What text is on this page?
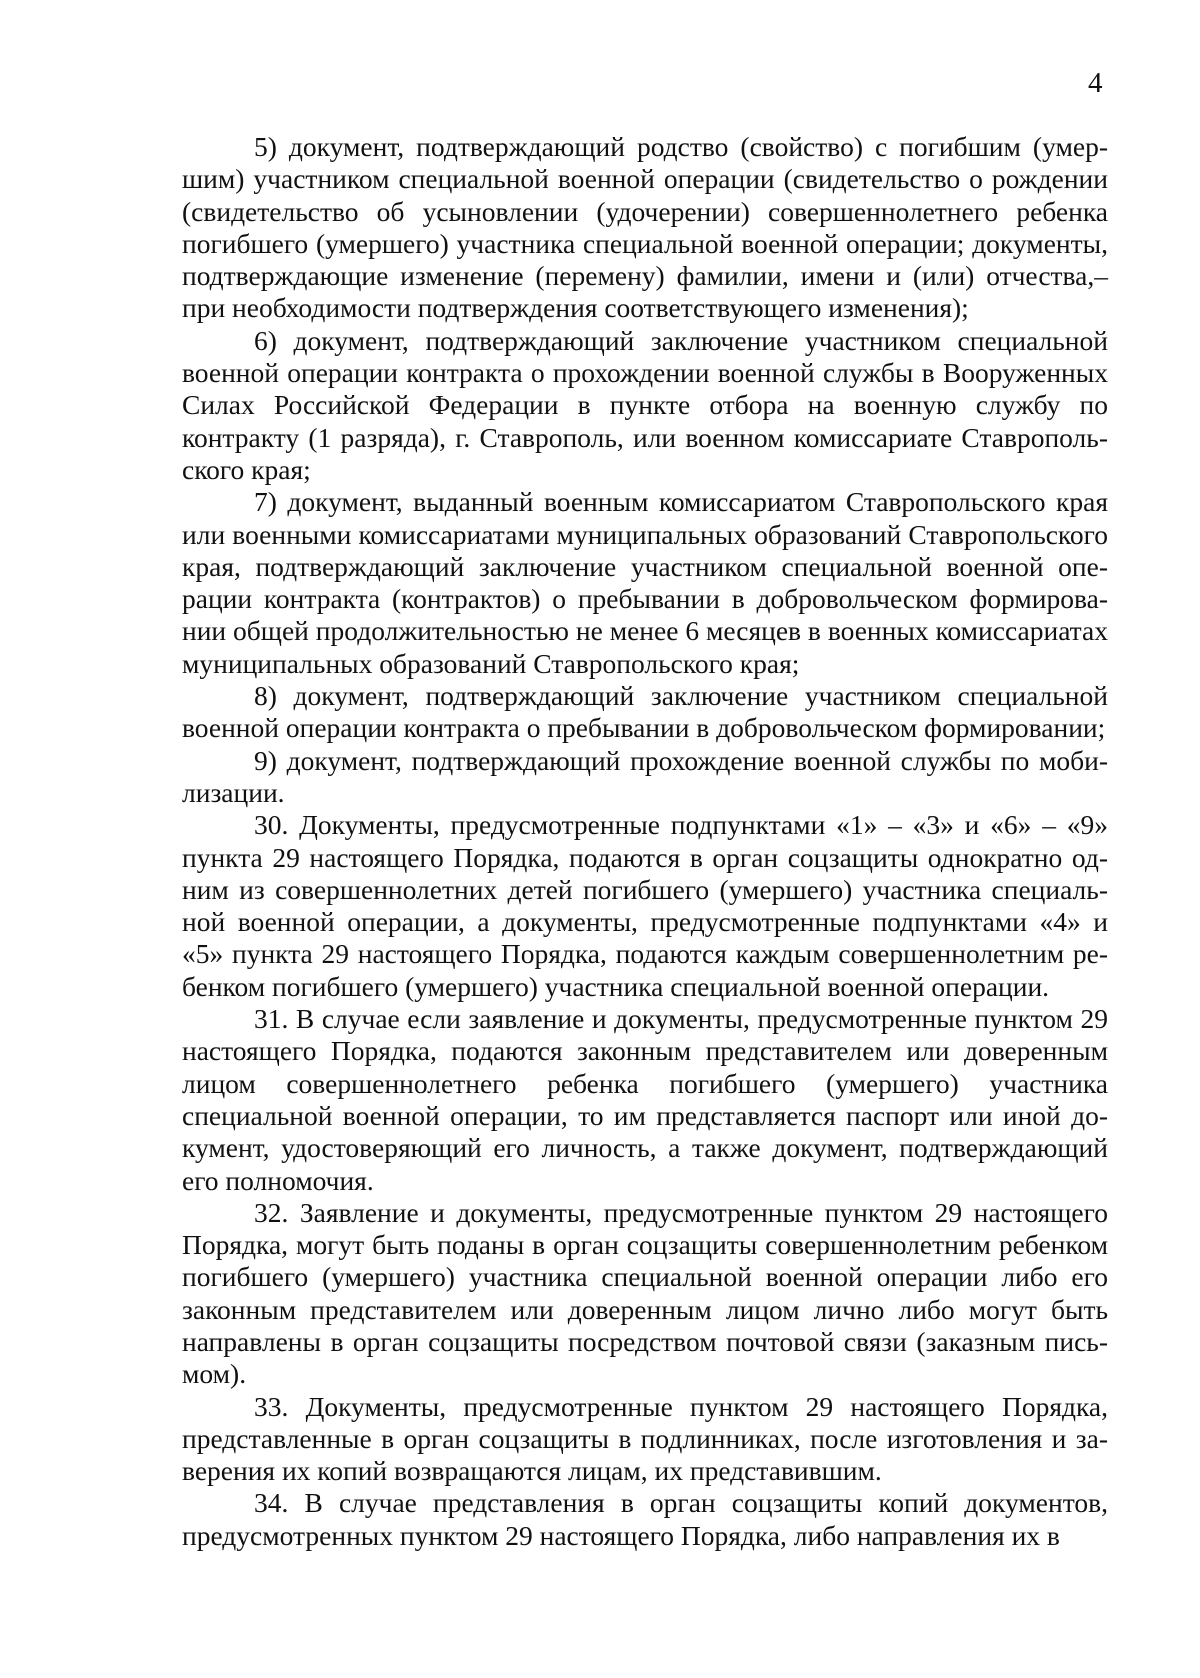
4

5) документ, подтверждающий родство (свойство) с погибшим (умершим) участником специальной военной операции (свидетельство о рождении (свидетельство об усыновлении (удочерении) совершеннолетнего ребенка погибшего (умершего) участника специальной военной операции; документы, подтверждающие изменение (перемену) фамилии, имени и (или) отчества,– при необходимости подтверждения соответствующего изменения);

6) документ, подтверждающий заключение участником специальной военной операции контракта о прохождении военной службы в Вооруженных Силах Российской Федерации в пункте отбора на военную службу по контракту (1 разряда), г. Ставрополь, или военном комиссариате Ставропольского края;

7) документ, выданный военным комиссариатом Ставропольского края или военными комиссариатами муниципальных образований Ставропольского края, подтверждающий заключение участником специальной военной операции контракта (контрактов) о пребывании в добровольческом формировании общей продолжительностью не менее 6 месяцев в военных комиссариатах муниципальных образований Ставропольского края;

8) документ, подтверждающий заключение участником специальной военной операции контракта о пребывании в добровольческом формировании;

9) документ, подтверждающий прохождение военной службы по мобилизации.

30. Документы, предусмотренные подпунктами «1» – «3» и «6» – «9» пункта 29 настоящего Порядка, подаются в орган соцзащиты однократно одним из совершеннолетних детей погибшего (умершего) участника специальной военной операции, а документы, предусмотренные подпунктами «4» и «5» пункта 29 настоящего Порядка, подаются каждым совершеннолетним ребенком погибшего (умершего) участника специальной военной операции.

31. В случае если заявление и документы, предусмотренные пунктом 29 настоящего Порядка, подаются законным представителем или доверенным лицом совершеннолетнего ребенка погибшего (умершего) участника специальной военной операции, то им представляется паспорт или иной документ, удостоверяющий его личность, а также документ, подтверждающий его полномочия.

32. Заявление и документы, предусмотренные пунктом 29 настоящего Порядка, могут быть поданы в орган соцзащиты совершеннолетним ребенком погибшего (умершего) участника специальной военной операции либо его законным представителем или доверенным лицом лично либо могут быть направлены в орган соцзащиты посредством почтовой связи (заказным письмом).

33. Документы, предусмотренные пунктом 29 настоящего Порядка, представленные в орган соцзащиты в подлинниках, после изготовления и заверения их копий возвращаются лицам, их представившим.

34. В случае представления в орган соцзащиты копий документов, предусмотренных пунктом 29 настоящего Порядка, либо направления их в
